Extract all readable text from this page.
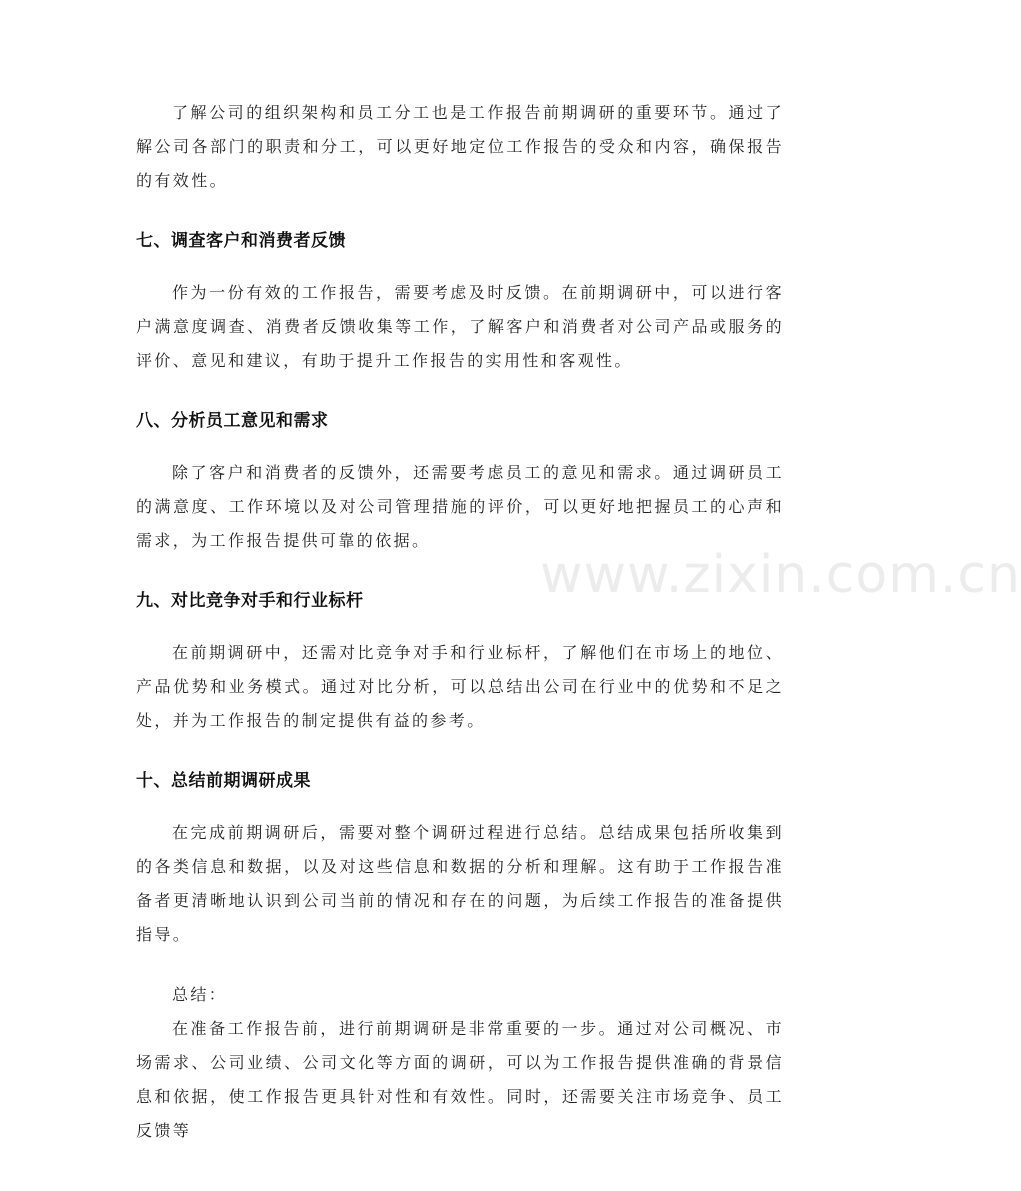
www.zixin.com.cn

了解公司的组织架构和员工分工也是工作报告前期调研的重要环节。通过了解公司各部门的职责和分工，可以更好地定位工作报告的受众和内容，确保报告的有效性。

七、调查客户和消费者反馈

作为一份有效的工作报告，需要考虑及时反馈。在前期调研中，可以进行客户满意度调查、消费者反馈收集等工作，了解客户和消费者对公司产品或服务的评价、意见和建议，有助于提升工作报告的实用性和客观性。

八、分析员工意见和需求

除了客户和消费者的反馈外，还需要考虑员工的意见和需求。通过调研员工的满意度、工作环境以及对公司管理措施的评价，可以更好地把握员工的心声和需求，为工作报告提供可靠的依据。

九、对比竞争对手和行业标杆

在前期调研中，还需对比竞争对手和行业标杆，了解他们在市场上的地位、产品优势和业务模式。通过对比分析，可以总结出公司在行业中的优势和不足之处，并为工作报告的制定提供有益的参考。

十、总结前期调研成果

在完成前期调研后，需要对整个调研过程进行总结。总结成果包括所收集到的各类信息和数据，以及对这些信息和数据的分析和理解。这有助于工作报告准备者更清晰地认识到公司当前的情况和存在的问题，为后续工作报告的准备提供指导。

总结：

在准备工作报告前，进行前期调研是非常重要的一步。通过对公司概况、市场需求、公司业绩、公司文化等方面的调研，可以为工作报告提供准确的背景信息和依据，使工作报告更具针对性和有效性。同时，还需要关注市场竞争、员工反馈等
